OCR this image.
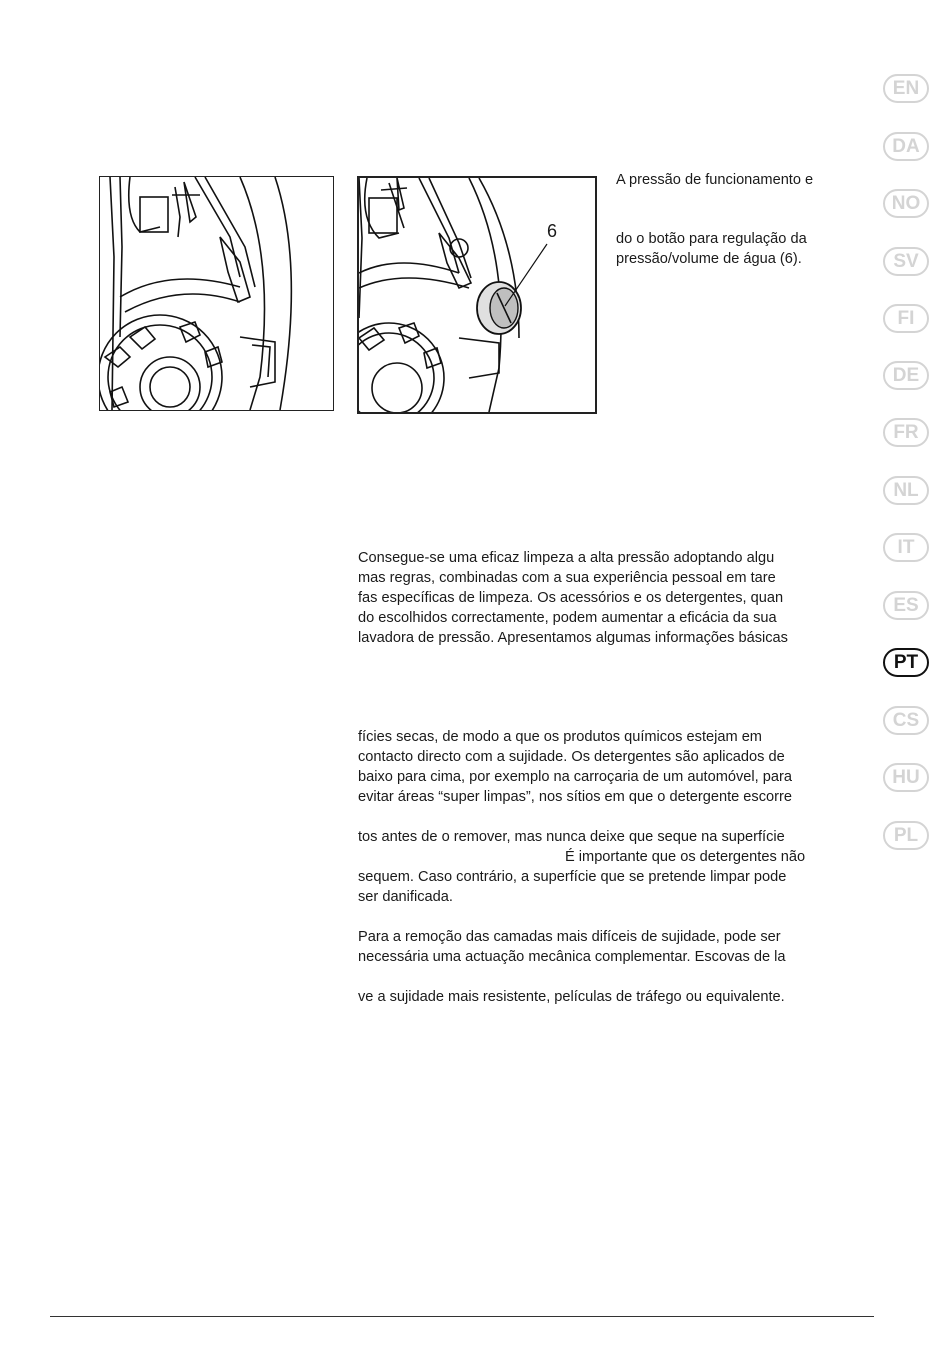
6

A pressão de funcionamento e

do o botão para regulação da
pressão/volume de água (6).

Consegue-se uma eficaz limpeza a alta pressão adoptando algu
mas regras, combinadas com a sua experiência pessoal em tare
fas específicas de limpeza. Os acessórios e os detergentes, quan
do escolhidos correctamente, podem aumentar a eficácia da sua
lavadora de pressão. Apresentamos algumas informações básicas

fícies secas, de modo a que os produtos químicos estejam em
contacto directo com a sujidade. Os detergentes são aplicados de
baixo para cima, por exemplo na carroçaria de um automóvel, para
evitar áreas “super limpas”, nos sítios em que o detergente escorre

tos antes de o remover, mas nunca deixe que seque na superfície
É importante que os detergentes não
sequem. Caso contrário, a superfície que se pretende limpar pode
ser danificada.

Para a remoção das camadas mais difíceis de sujidade, pode ser
necessária uma actuação mecânica complementar. Escovas de la

ve a sujidade mais resistente, películas de tráfego ou equivalente.

EN
DA
NO
SV
FI
DE
FR
NL
IT
ES
PT
CS
HU
PL
